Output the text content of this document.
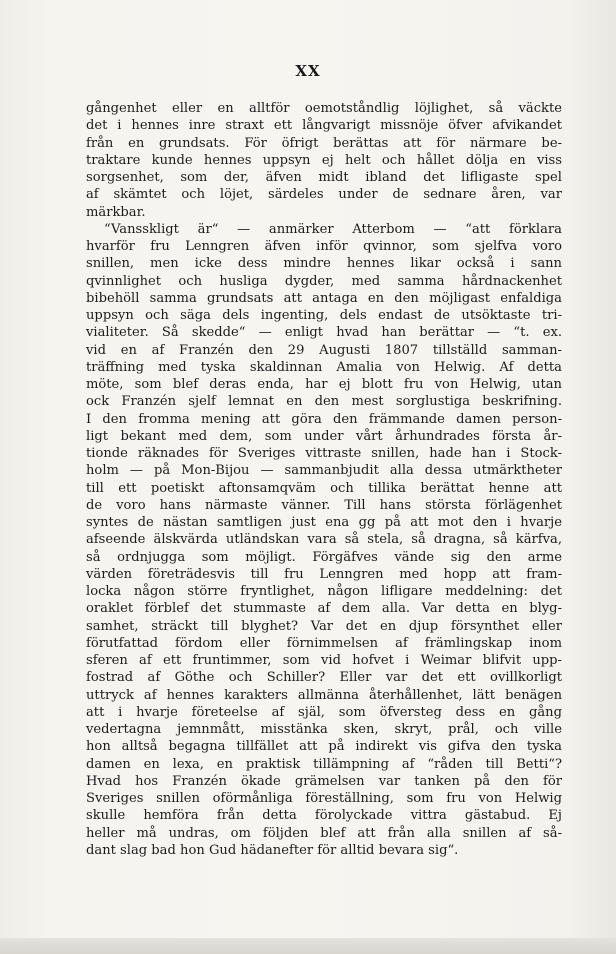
XX
gångenhet eller en alltför oemotståndlig löjlighet, så väckte
det i hennes inre straxt ett långvarigt missnöje öfver afvikandet
från en grundsats. För öfrigt berättas att för närmare be-
traktare kunde hennes uppsyn ej helt och hållet dölja en viss
sorgsenhet, som der, äfven midt ibland det lifligaste spel
af skämtet och löjet, särdeles under de sednare åren, var
märkbar.
“Vansskligt är“ — anmärker Atterbom — “att förklara
hvarför fru Lenngren äfven inför qvinnor, som sjelfva voro
snillen, men icke dess mindre hennes likar också i sann
qvinnlighet och husliga dygder, med samma hårdnackenhet
bibehöll samma grundsats att antaga en den möjligast enfaldiga
uppsyn och säga dels ingenting, dels endast de utsöktaste tri-
vialiteter. Så skedde“ — enligt hvad han berättar — “t. ex.
vid en af Franzén den 29 Augusti 1807 tillställd samman-
träffning med tyska skaldinnan Amalia von Helwig. Af detta
möte, som blef deras enda, har ej blott fru von Helwig, utan
ock Franzén sjelf lemnat en den mest sorglustiga beskrifning.
I den fromma mening att göra den främmande damen person-
ligt bekant med dem, som under vårt århundrades första år-
tionde räknades för Sveriges vittraste snillen, hade han i Stock-
holm — på Mon-Bijou — sammanbjudit alla dessa utmärktheter
till ett poetiskt aftonsamqväm och tillika berättat henne att
de voro hans närmaste vänner. Till hans största förlägenhet
syntes de nästan samtligen just ena gg på att mot den i hvarje
afseende älskvärda utländskan vara så stela, så dragna, så kärfva,
så ordnjugga som möjligt. Förgäfves vände sig den arme
värden företrädesvis till fru Lenngren med hopp att fram-
locka någon större fryntlighet, någon lifligare meddelning: det
oraklet förblef det stummaste af dem alla. Var detta en blyg-
samhet, sträckt till blyghet? Var det en djup försynthet eller
förutfattad fördom eller förnimmelsen af främlingskap inom
sferen af ett fruntimmer, som vid hofvet i Weimar blifvit upp-
fostrad af Göthe och Schiller? Eller var det ett ovillkorligt
uttryck af hennes karakters allmänna återhållenhet, lätt benägen
att i hvarje företeelse af själ, som öfversteg dess en gång
vedertagna jemnmått, misstänka sken, skryt, prål, och ville
hon alltså begagna tillfället att på indirekt vis gifva den tyska
damen en lexa, en praktisk tillämpning af “råden till Betti“?
Hvad hos Franzén ökade grämelsen var tanken på den för
Sveriges snillen oförmånliga föreställning, som fru von Helwig
skulle hemföra från detta förolyckade vittra gästabud. Ej
heller må undras, om följden blef att från alla snillen af så-
dant slag bad hon Gud hädanefter för alltid bevara sig“.
